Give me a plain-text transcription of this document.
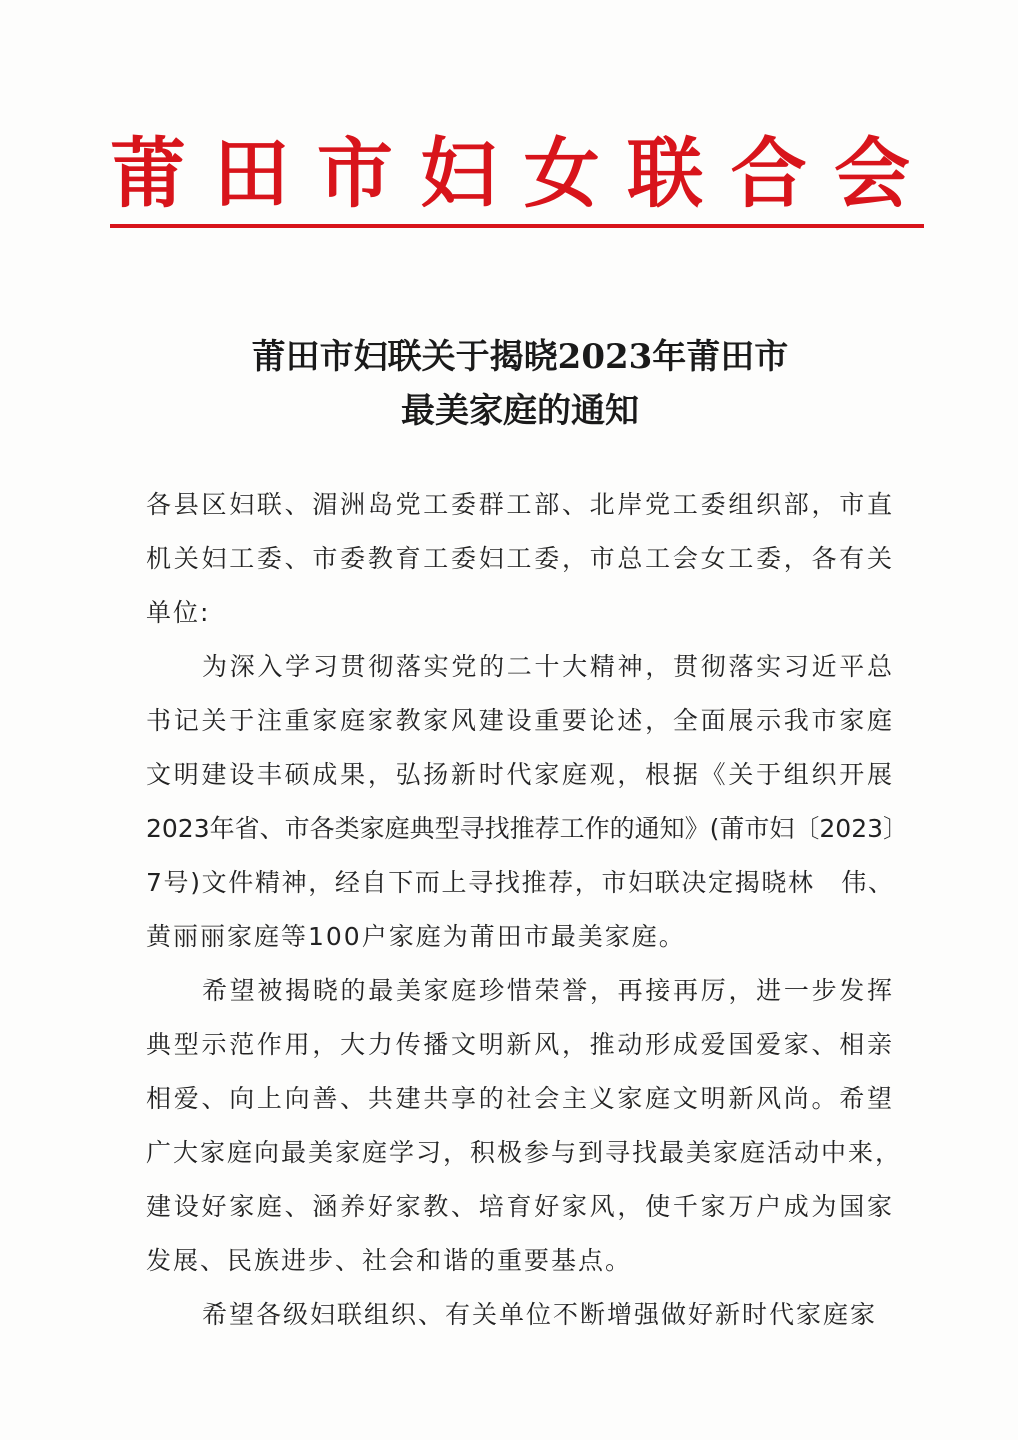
莆田市妇女联合会
莆田市妇联关于揭晓2023年莆田市
最美家庭的通知
各县区妇联、湄洲岛党工委群工部、北岸党工委组织部，市直
机关妇工委、市委教育工委妇工委，市总工会女工委，各有关
单位:
为深入学习贯彻落实党的二十大精神，贯彻落实习近平总
书记关于注重家庭家教家风建设重要论述，全面展示我市家庭
文明建设丰硕成果，弘扬新时代家庭观，根据《关于组织开展
2023年省、市各类家庭典型寻找推荐工作的通知》(莆市妇〔2023〕
7号)文件精神，经自下而上寻找推荐，市妇联决定揭晓林　伟、
黄丽丽家庭等100户家庭为莆田市最美家庭。
希望被揭晓的最美家庭珍惜荣誉，再接再厉，进一步发挥
典型示范作用，大力传播文明新风，推动形成爱国爱家、相亲
相爱、向上向善、共建共享的社会主义家庭文明新风尚。希望
广大家庭向最美家庭学习，积极参与到寻找最美家庭活动中来，
建设好家庭、涵养好家教、培育好家风，使千家万户成为国家
发展、民族进步、社会和谐的重要基点。
希望各级妇联组织、有关单位不断增强做好新时代家庭家
